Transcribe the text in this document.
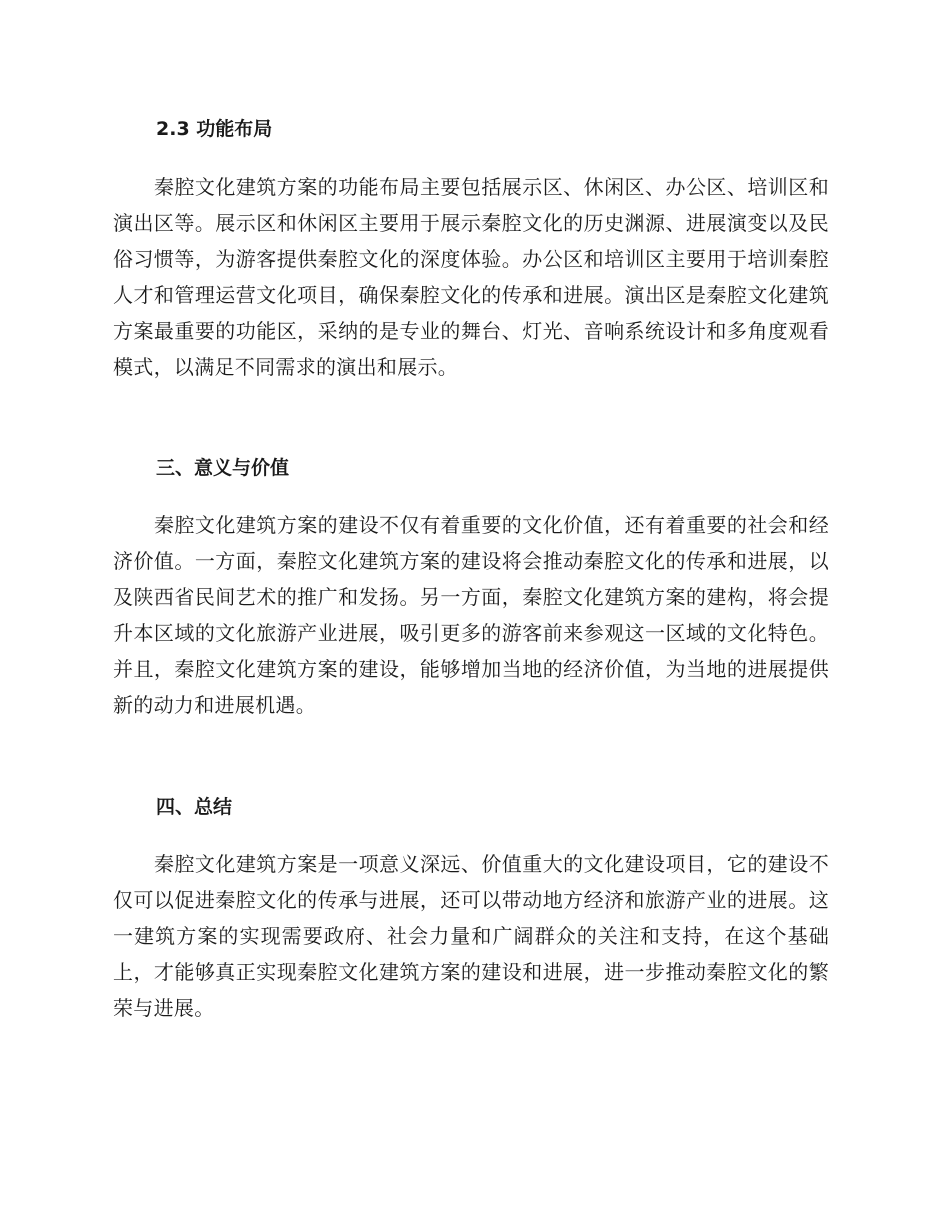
2.3 功能布局

秦腔文化建筑方案的功能布局主要包括展示区、休闲区、办公区、培训区和演出区等。展示区和休闲区主要用于展示秦腔文化的历史渊源、进展演变以及民俗习惯等，为游客提供秦腔文化的深度体验。办公区和培训区主要用于培训秦腔人才和管理运营文化项目，确保秦腔文化的传承和进展。演出区是秦腔文化建筑方案最重要的功能区，采纳的是专业的舞台、灯光、音响系统设计和多角度观看模式，以满足不同需求的演出和展示。

三、意义与价值

秦腔文化建筑方案的建设不仅有着重要的文化价值，还有着重要的社会和经济价值。一方面，秦腔文化建筑方案的建设将会推动秦腔文化的传承和进展，以及陕西省民间艺术的推广和发扬。另一方面，秦腔文化建筑方案的建构，将会提升本区域的文化旅游产业进展，吸引更多的游客前来参观这一区域的文化特色。并且，秦腔文化建筑方案的建设，能够增加当地的经济价值，为当地的进展提供新的动力和进展机遇。

四、总结

秦腔文化建筑方案是一项意义深远、价值重大的文化建设项目，它的建设不仅可以促进秦腔文化的传承与进展，还可以带动地方经济和旅游产业的进展。这一建筑方案的实现需要政府、社会力量和广阔群众的关注和支持，在这个基础上，才能够真正实现秦腔文化建筑方案的建设和进展，进一步推动秦腔文化的繁荣与进展。
